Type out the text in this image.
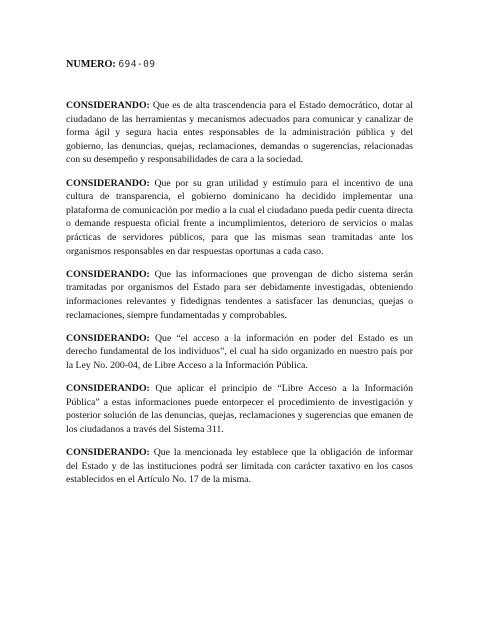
NUMERO: 694-09

CONSIDERANDO: Que es de alta trascendencia para el Estado democrático, dotar al ciudadano de las herramientas y mecanismos adecuados para comunicar y canalizar de forma ágil y segura hacia entes responsables de la administración pública y del gobierno, las denuncias, quejas, reclamaciones, demandas o sugerencias, relacionadas con su desempeño y responsabilidades de cara a la sociedad.

CONSIDERANDO: Que por su gran utilidad y estímulo para el incentivo de una cultura de transparencia, el gobierno dominicano ha decidido implementar una plataforma de comunicación por medio a la cual el ciudadano pueda pedir cuenta directa o demande respuesta oficial frente a incumplimientos, deterioro de servicios o malas prácticas de servidores públicos, para que las mismas sean tramitadas ante los organismos responsables en dar respuestas oportunas a cada caso.

CONSIDERANDO: Que las informaciones que provengan de dicho sistema serán tramitadas por organismos del Estado para ser debidamente investigadas, obteniendo informaciones relevantes y fidedignas tendentes a satisfacer las denuncias, quejas o reclamaciones, siempre fundamentadas y comprobables.

CONSIDERANDO: Que “el acceso a la información en poder del Estado es un derecho fundamental de los individuos”, el cual ha sido organizado en nuestro país por la Ley No. 200-04, de Libre Acceso a la Información Pública.

CONSIDERANDO: Que aplicar el principio de “Libre Acceso a la Información Pública” a estas informaciones puede entorpecer el procedimiento de investigación y posterior solución de las denuncias, quejas, reclamaciones y sugerencias que emanen de los ciudadanos a través del Sistema 311.

CONSIDERANDO: Que la mencionada ley establece que la obligación de informar del Estado y de las instituciones podrá ser limitada con carácter taxativo en los casos establecidos en el Artículo No. 17 de la misma.
